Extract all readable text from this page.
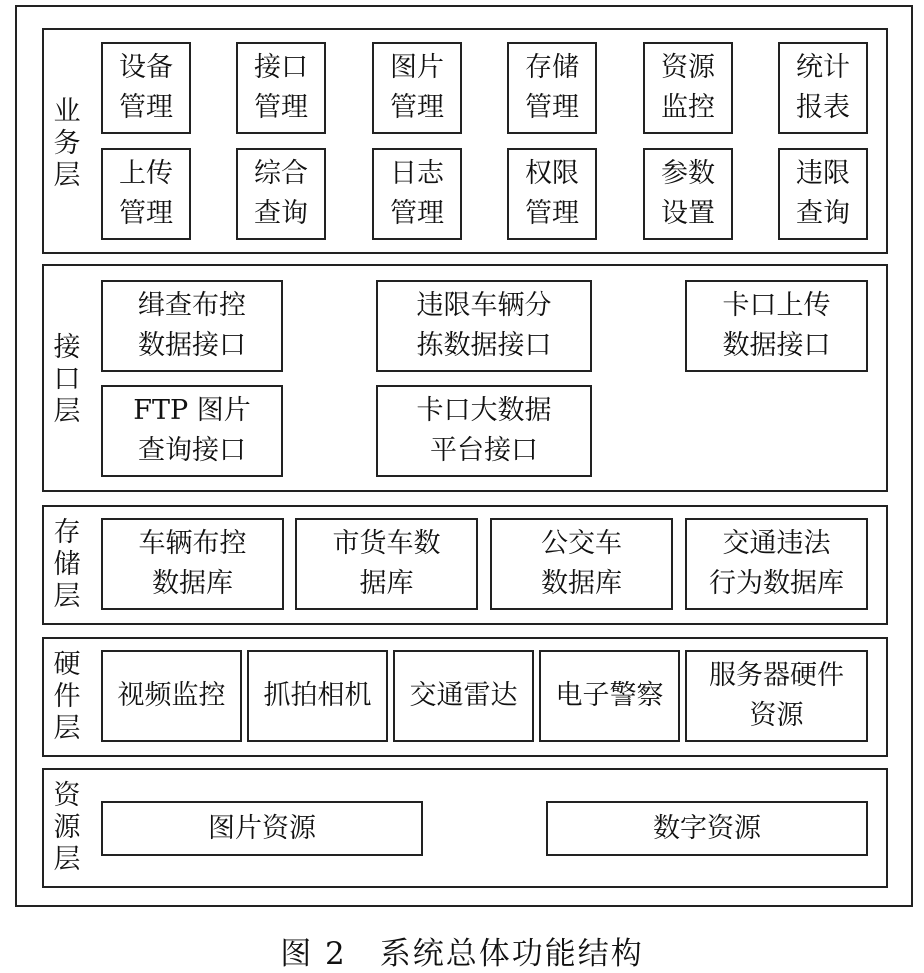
业
务
层
设备
管理
接口
管理
图片
管理
存储
管理
资源
监控
统计
报表
上传
管理
综合
查询
日志
管理
权限
管理
参数
设置
违限
查询
接
口
层
缉查布控
数据接口
违限车辆分
拣数据接口
卡口上传
数据接口
FTP 图片
查询接口
卡口大数据
平台接口
存
储
层
车辆布控
数据库
市货车数
据库
公交车
数据库
交通违法
行为数据库
硬
件
层
视频监控	抓拍相机	交通雷达	电子警察
服务器硬件
资源
资
源
层
图片资源	数字资源
图 2　系统总体功能结构
